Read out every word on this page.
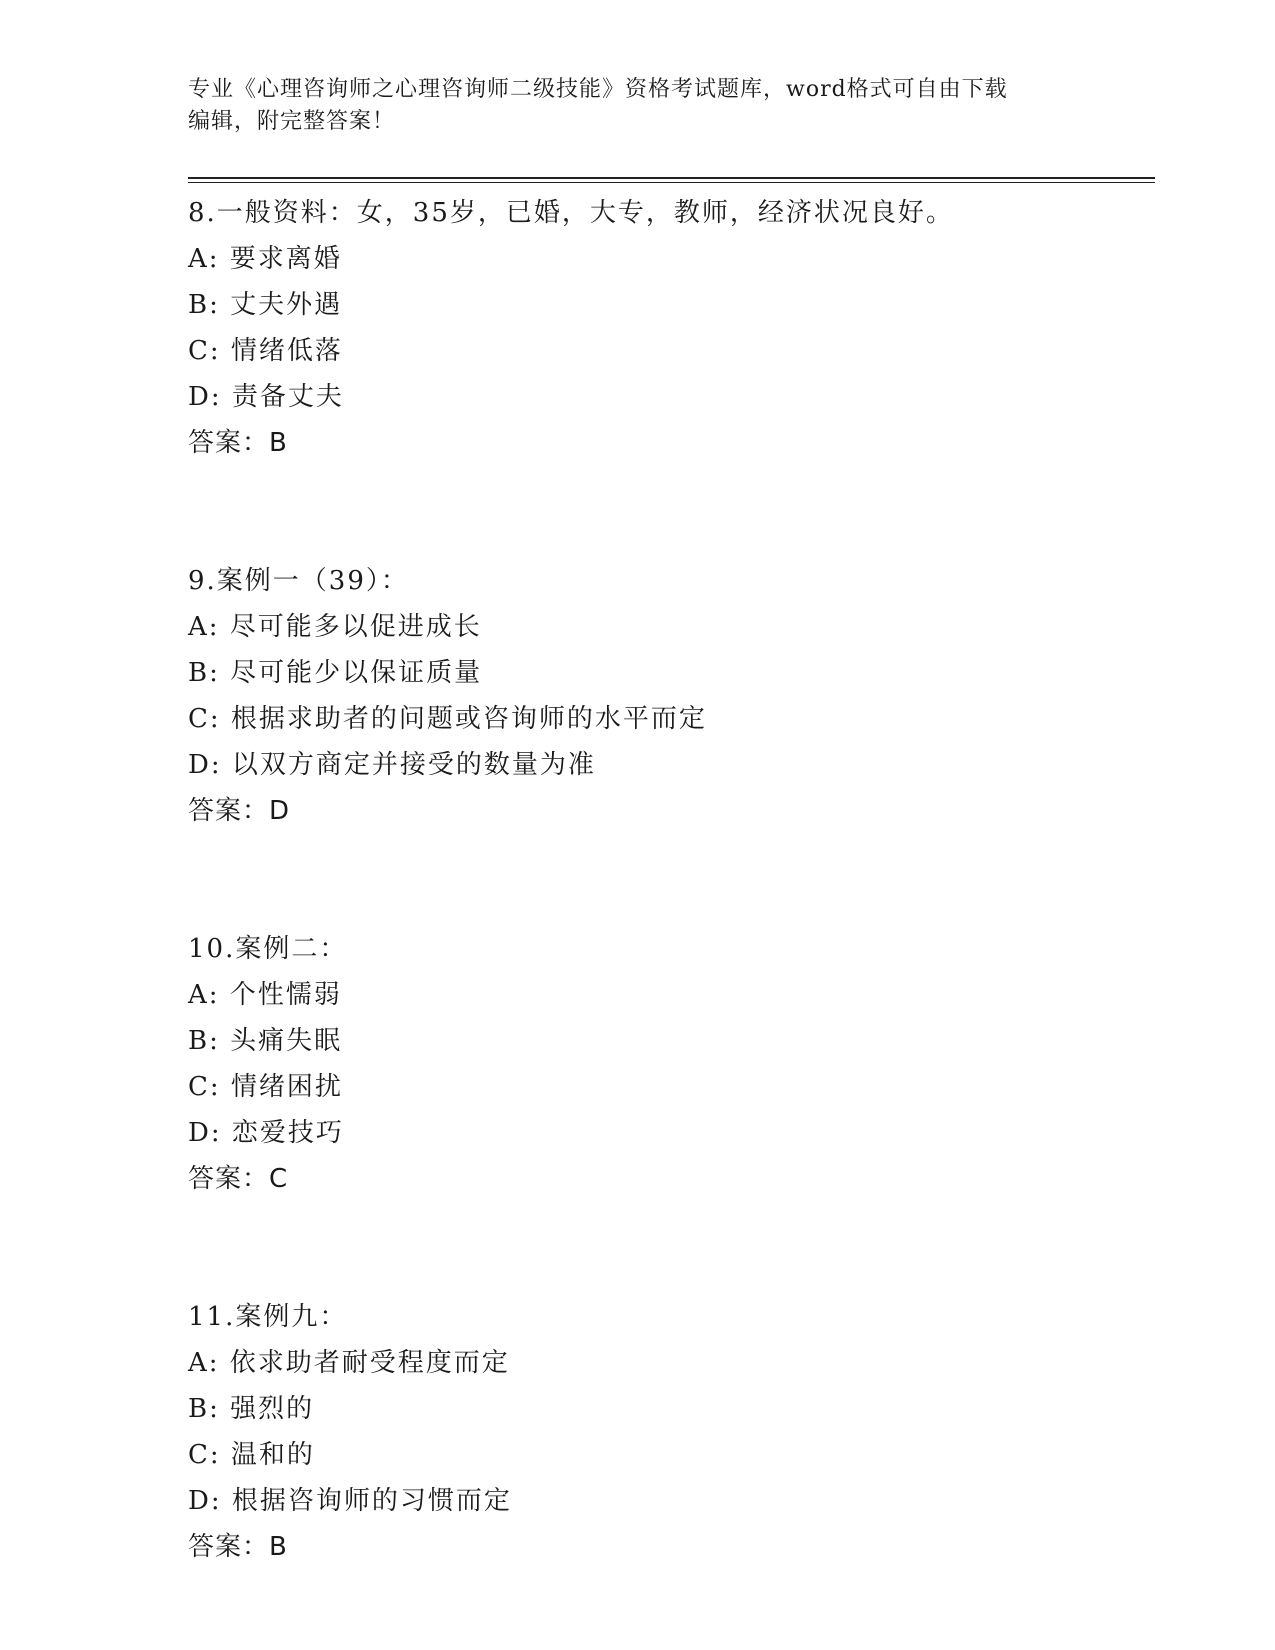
专业《心理咨询师之心理咨询师二级技能》资格考试题库，word格式可自由下载
编辑，附完整答案！
8.一般资料：女，35岁，已婚，大专，教师，经济状况良好。
A: 要求离婚
B: 丈夫外遇
C: 情绪低落
D: 责备丈夫
答案：B
9.案例一（39）：
A: 尽可能多以促进成长
B: 尽可能少以保证质量
C: 根据求助者的问题或咨询师的水平而定
D: 以双方商定并接受的数量为准
答案：D
10.案例二：
A: 个性懦弱
B: 头痛失眠
C: 情绪困扰
D: 恋爱技巧
答案：C
11.案例九：
A: 依求助者耐受程度而定
B: 强烈的
C: 温和的
D: 根据咨询师的习惯而定
答案：B
